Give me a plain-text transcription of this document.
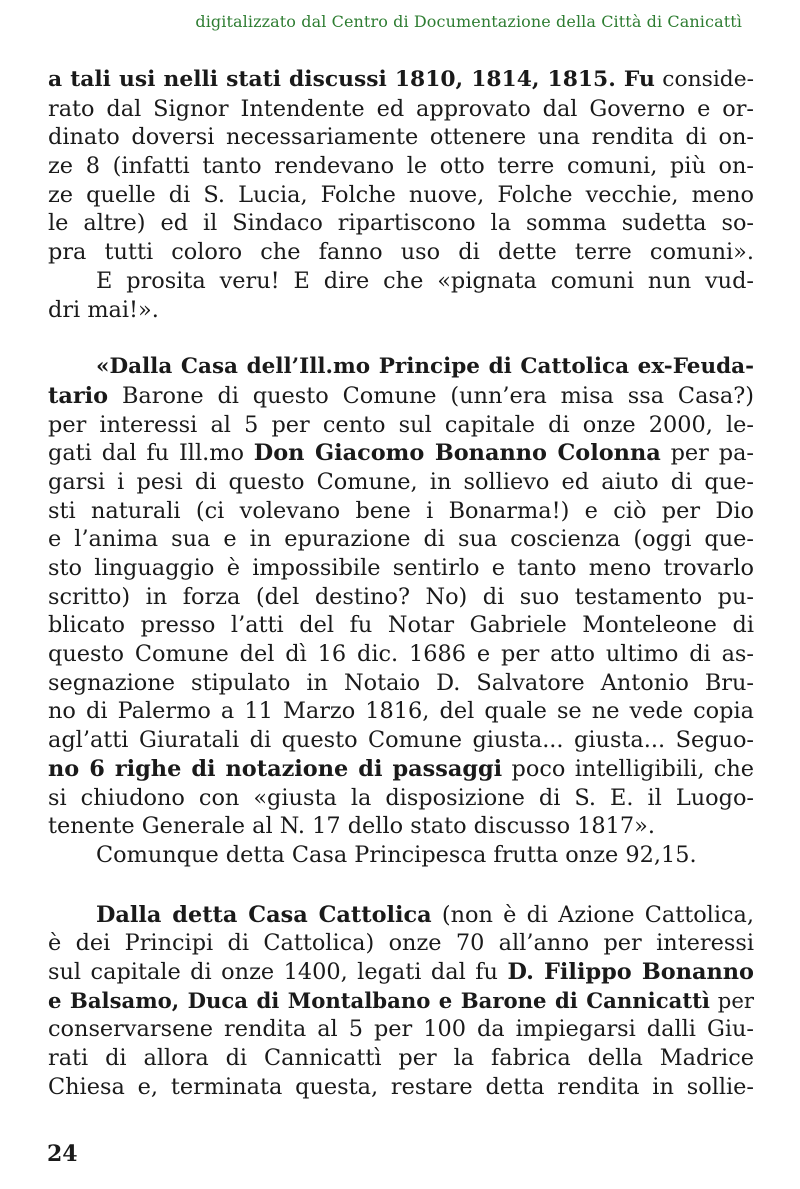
digitalizzato dal Centro di Documentazione della Città di Canicattì
a tali usi nelli stati discussi 1810, 1814, 1815. Fu conside-
rato dal Signor Intendente ed approvato dal Governo e or-
dinato doversi necessariamente ottenere una rendita di on-
ze 8 (infatti tanto rendevano le otto terre comuni, più on-
ze quelle di S. Lucia, Folche nuove, Folche vecchie, meno
le altre) ed il Sindaco ripartiscono la somma sudetta so-
pra tutti coloro che fanno uso di dette terre comuni».
E prosita veru! E dire che «pignata comuni nun vud-
dri mai!».
«Dalla Casa dell’Ill.mo Principe di Cattolica ex-Feuda-
tario Barone di questo Comune (unn’era misa ssa Casa?)
per interessi al 5 per cento sul capitale di onze 2000, le-
gati dal fu Ill.mo Don Giacomo Bonanno Colonna per pa-
garsi i pesi di questo Comune, in sollievo ed aiuto di que-
sti naturali (ci volevano bene i Bonarma!) e ciò per Dio
e l’anima sua e in epurazione di sua coscienza (oggi que-
sto linguaggio è impossibile sentirlo e tanto meno trovarlo
scritto) in forza (del destino? No) di suo testamento pu-
blicato presso l’atti del fu Notar Gabriele Monteleone di
questo Comune del dì 16 dic. 1686 e per atto ultimo di as-
segnazione stipulato in Notaio D. Salvatore Antonio Bru-
no di Palermo a 11 Marzo 1816, del quale se ne vede copia
agl’atti Giuratali di questo Comune giusta... giusta... Seguo-
no 6 righe di notazione di passaggi poco intelligibili, che
si chiudono con «giusta la disposizione di S. E. il Luogo-
tenente Generale al N. 17 dello stato discusso 1817».
Comunque detta Casa Principesca frutta onze 92,15.
Dalla detta Casa Cattolica (non è di Azione Cattolica,
è dei Principi di Cattolica) onze 70 all’anno per interessi
sul capitale di onze 1400, legati dal fu D. Filippo Bonanno
e Balsamo, Duca di Montalbano e Barone di Cannicattì per
conservarsene rendita al 5 per 100 da impiegarsi dalli Giu-
rati di allora di Cannicattì per la fabrica della Madrice
Chiesa e, terminata questa, restare detta rendita in sollie-
24
